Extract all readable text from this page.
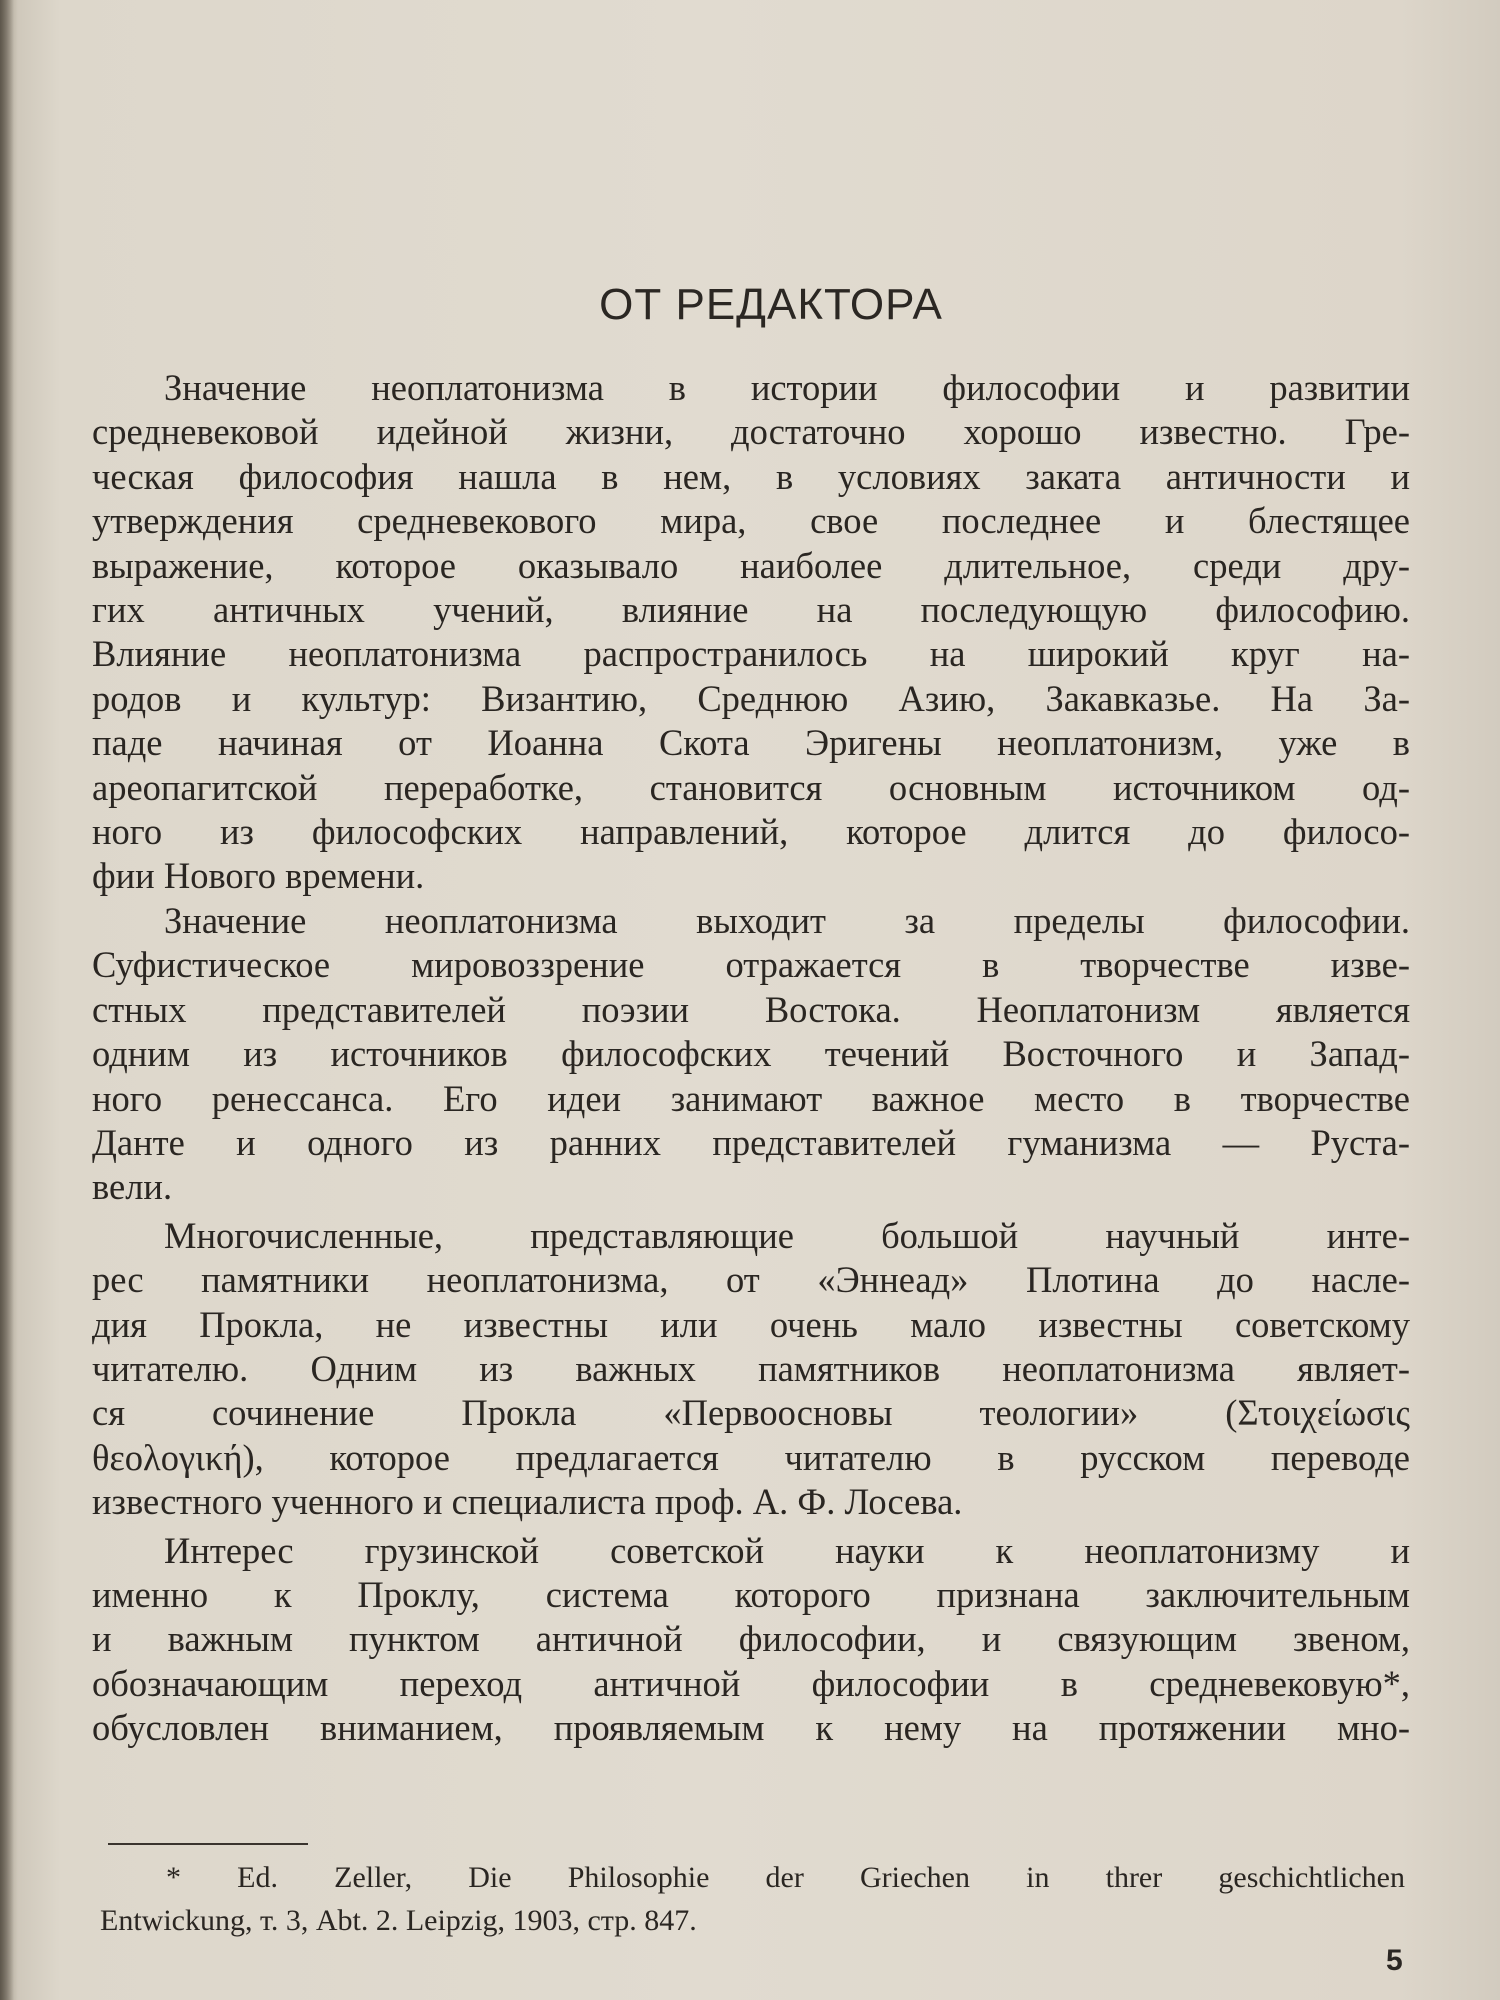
ОТ РЕДАКТОРА
Значение неоплатонизма в истории философии и развитии
средневековой идейной жизни, достаточно хорошо известно. Гре-
ческая философия нашла в нем, в условиях заката античности и
утверждения средневекового мира, свое последнее и блестящее
выражение, которое оказывало наиболее длительное, среди дру-
гих античных учений, влияние на последующую философию.
Влияние неоплатонизма распространилось на широкий круг на-
родов и культур: Византию, Среднюю Азию, Закавказье. На За-
паде начиная от Иоанна Скота Эригены неоплатонизм, уже в
ареопагитской переработке, становится основным источником од-
ного из философских направлений, которое длится до филосо-
фии Нового времени.
Значение неоплатонизма выходит за пределы философии.
Суфистическое мировоззрение отражается в творчестве изве-
стных представителей поэзии Востока. Неоплатонизм является
одним из источников философских течений Восточного и Запад-
ного ренессанса. Его идеи занимают важное место в творчестве
Данте и одного из ранних представителей гуманизма — Руста-
вели.
Многочисленные, представляющие большой научный инте-
рес памятники неоплатонизма, от «Эннеад» Плотина до насле-
дия Прокла, не известны или очень мало известны советскому
читателю. Одним из важных памятников неоплатонизма являет-
ся сочинение Прокла «Первоосновы теологии» (Στοιχείωσις
θεολογική), которое предлагается читателю в русском переводе
известного ученного и специалиста проф. А. Ф. Лосева.
Интерес грузинской советской науки к неоплатонизму и
именно к Проклу, система которого признана заключительным
и важным пунктом античной философии, и связующим звеном,
обозначающим переход античной философии в средневековую*,
обусловлен вниманием, проявляемым к нему на протяжении мно-
* Ed. Zeller, Die Philosophie der Griechen in threr geschichtlichen
Entwickung, т. 3, Abt. 2. Leipzig, 1903, стр. 847.
5
